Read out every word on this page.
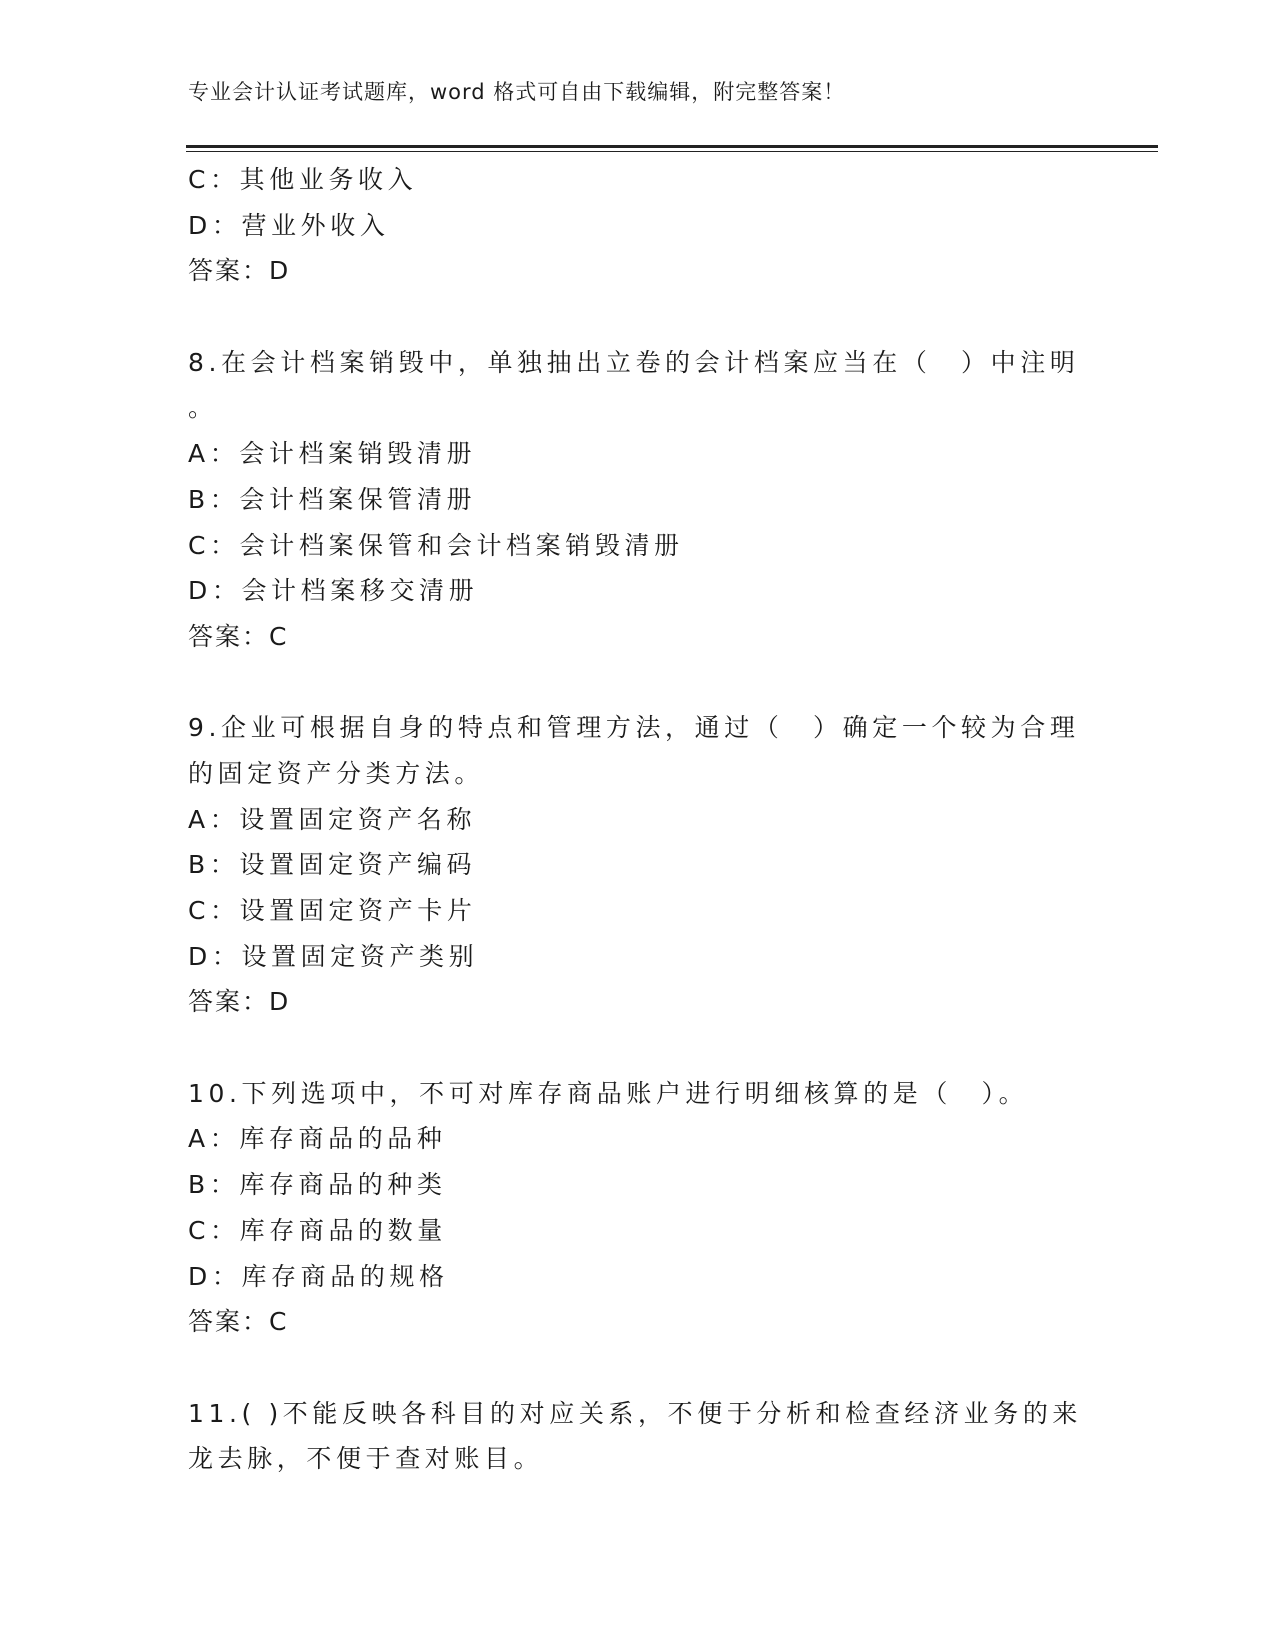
专业会计认证考试题库，word 格式可自由下载编辑，附完整答案！
C：其他业务收入
D：营业外收入
答案：D
8.在会计档案销毁中，单独抽出立卷的会计档案应当在（　）中注明
。
A：会计档案销毁清册
B：会计档案保管清册
C：会计档案保管和会计档案销毁清册
D：会计档案移交清册
答案：C
9.企业可根据自身的特点和管理方法，通过（　）确定一个较为合理
的固定资产分类方法。
A：设置固定资产名称
B：设置固定资产编码
C：设置固定资产卡片
D：设置固定资产类别
答案：D
10.下列选项中，不可对库存商品账户进行明细核算的是（　）。
A：库存商品的品种
B：库存商品的种类
C：库存商品的数量
D：库存商品的规格
答案：C
11.( )不能反映各科目的对应关系，不便于分析和检查经济业务的来
龙去脉，不便于查对账目。
